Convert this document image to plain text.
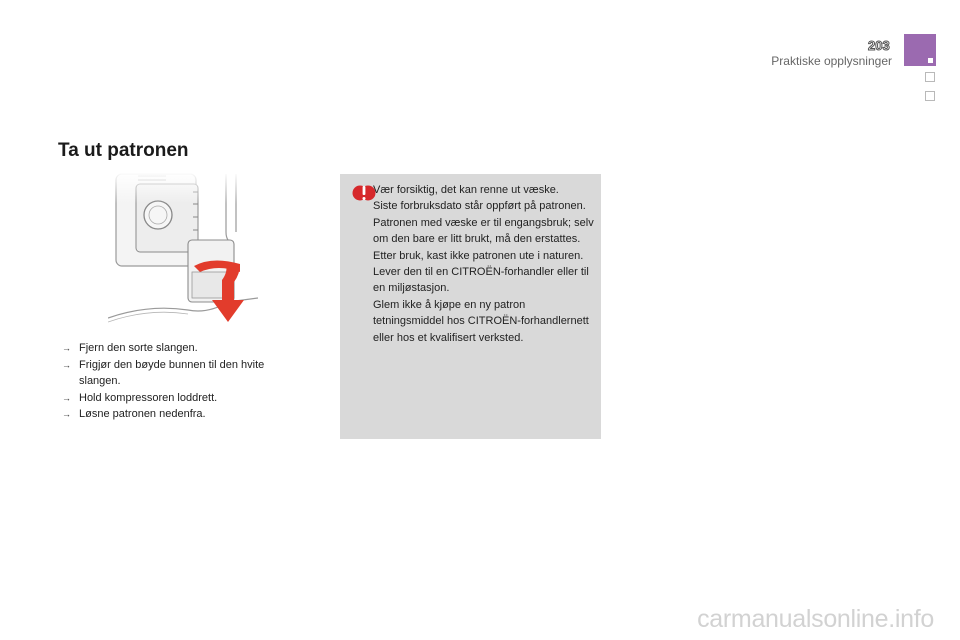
203
Praktiske opplysninger
Ta ut patronen
→ Fjern den sorte slangen.
→ Frigjør den bøyde bunnen til den hvite slangen.
→ Hold kompressoren loddrett.
→ Løsne patronen nedenfra.
Vær forsiktig, det kan renne ut væske.
Siste forbruksdato står oppført på patronen.
Patronen med væske er til engangsbruk; selv om den bare er litt brukt, må den erstattes.
Etter bruk, kast ikke patronen ute i naturen. Lever den til en CITROËN-forhandler eller til en miljøstasjon.
Glem ikke å kjøpe en ny patron tetningsmiddel hos CITROËN-forhandlernett eller hos et kvalifisert verksted.
carmanualsonline.info
